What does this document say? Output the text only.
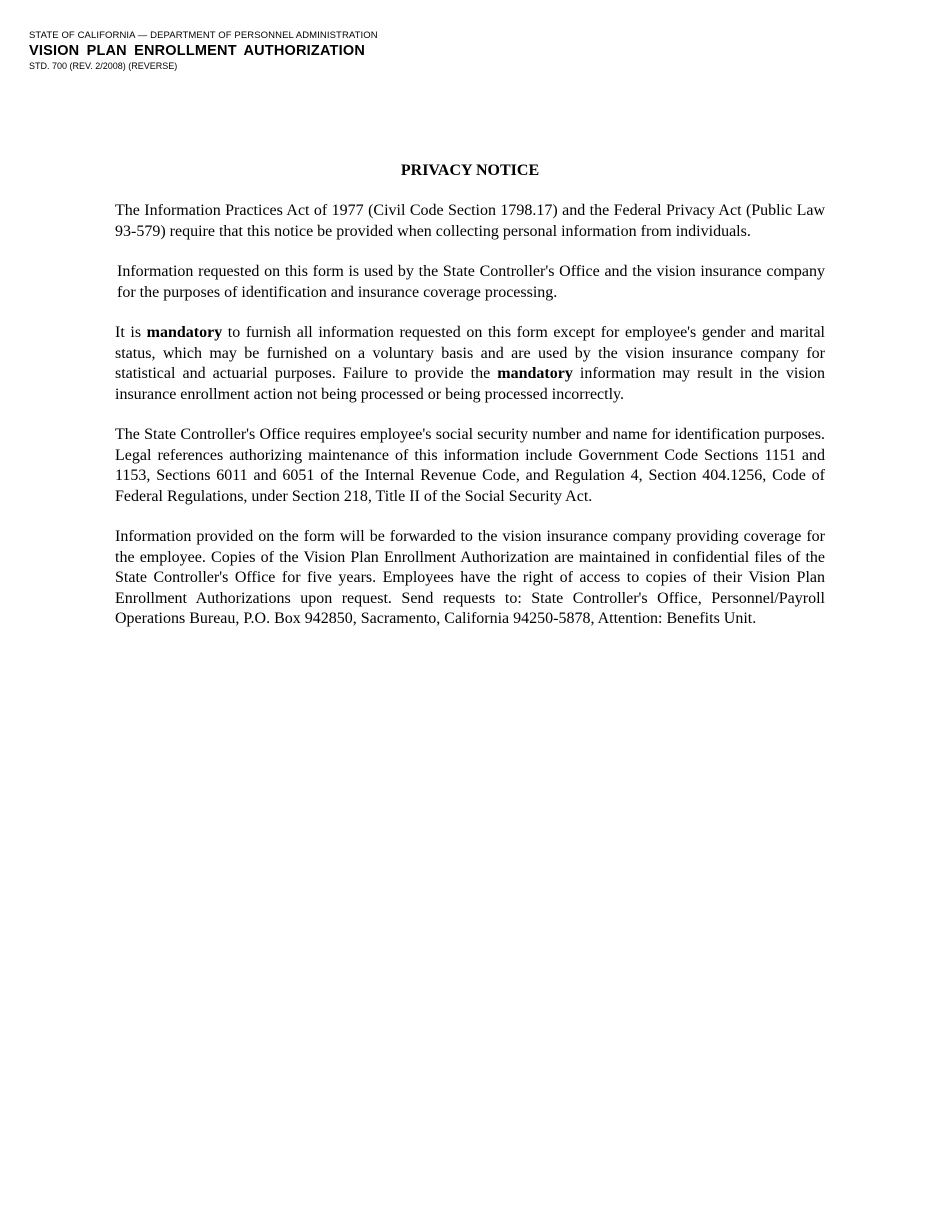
STATE OF CALIFORNIA — DEPARTMENT OF PERSONNEL ADMINISTRATION
VISION PLAN ENROLLMENT AUTHORIZATION
STD. 700 (REV. 2/2008) (REVERSE)
PRIVACY NOTICE

The Information Practices Act of 1977 (Civil Code Section 1798.17) and the Federal Privacy Act (Public Law 93-579) require that this notice be provided when collecting personal information from individuals.

Information requested on this form is used by the State Controller's Office and the vision insurance company for the purposes of identification and insurance coverage processing.

It is mandatory to furnish all information requested on this form except for employee's gender and marital status, which may be furnished on a voluntary basis and are used by the vision insurance company for statistical and actuarial purposes. Failure to provide the mandatory information may result in the vision insurance enrollment action not being processed or being processed incorrectly.

The State Controller's Office requires employee's social security number and name for identification purposes. Legal references authorizing maintenance of this information include Government Code Sections 1151 and 1153, Sections 6011 and 6051 of the Internal Revenue Code, and Regulation 4, Section 404.1256, Code of Federal Regulations, under Section 218, Title II of the Social Security Act.

Information provided on the form will be forwarded to the vision insurance company providing coverage for the employee. Copies of the Vision Plan Enrollment Authorization are maintained in confidential files of the State Controller's Office for five years. Employees have the right of access to copies of their Vision Plan Enrollment Authorizations upon request. Send requests to: State Controller's Office, Personnel/Payroll Operations Bureau, P.O. Box 942850, Sacramento, California 94250-5878, Attention: Benefits Unit.
